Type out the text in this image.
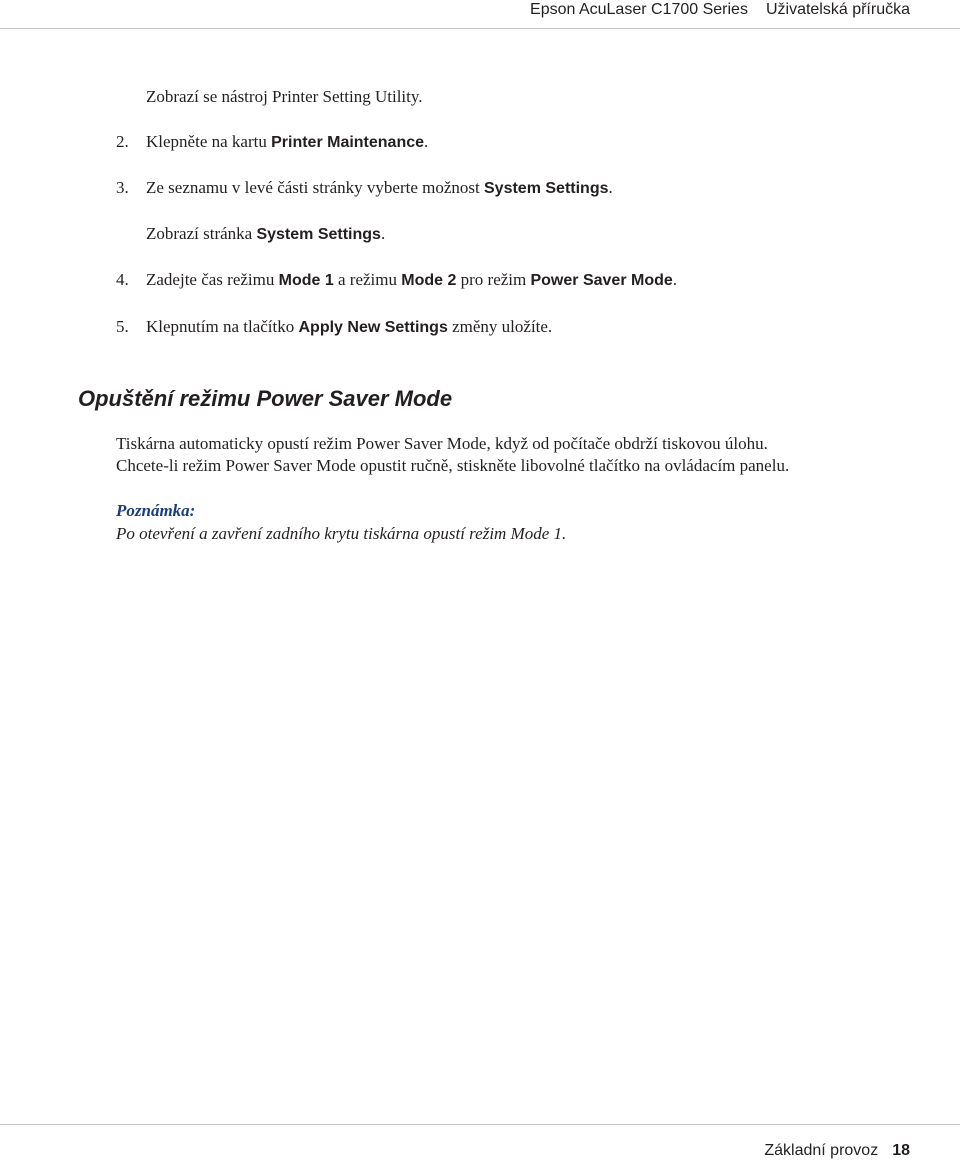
Epson AcuLaser C1700 Series Uživatelská příručka
Zobrazí se nástroj Printer Setting Utility.
2. Klepněte na kartu Printer Maintenance.
3. Ze seznamu v levé části stránky vyberte možnost System Settings.
Zobrazí stránka System Settings.
4. Zadejte čas režimu Mode 1 a režimu Mode 2 pro režim Power Saver Mode.
5. Klepnutím na tlačítko Apply New Settings změny uložíte.
Opuštění režimu Power Saver Mode
Tiskárna automaticky opustí režim Power Saver Mode, když od počítače obdrží tiskovou úlohu.
Chcete-li režim Power Saver Mode opustit ručně, stiskněte libovolné tlačítko na ovládacím panelu.
Poznámka:
Po otevření a zavření zadního krytu tiskárna opustí režim Mode 1.
Základní provoz 18
